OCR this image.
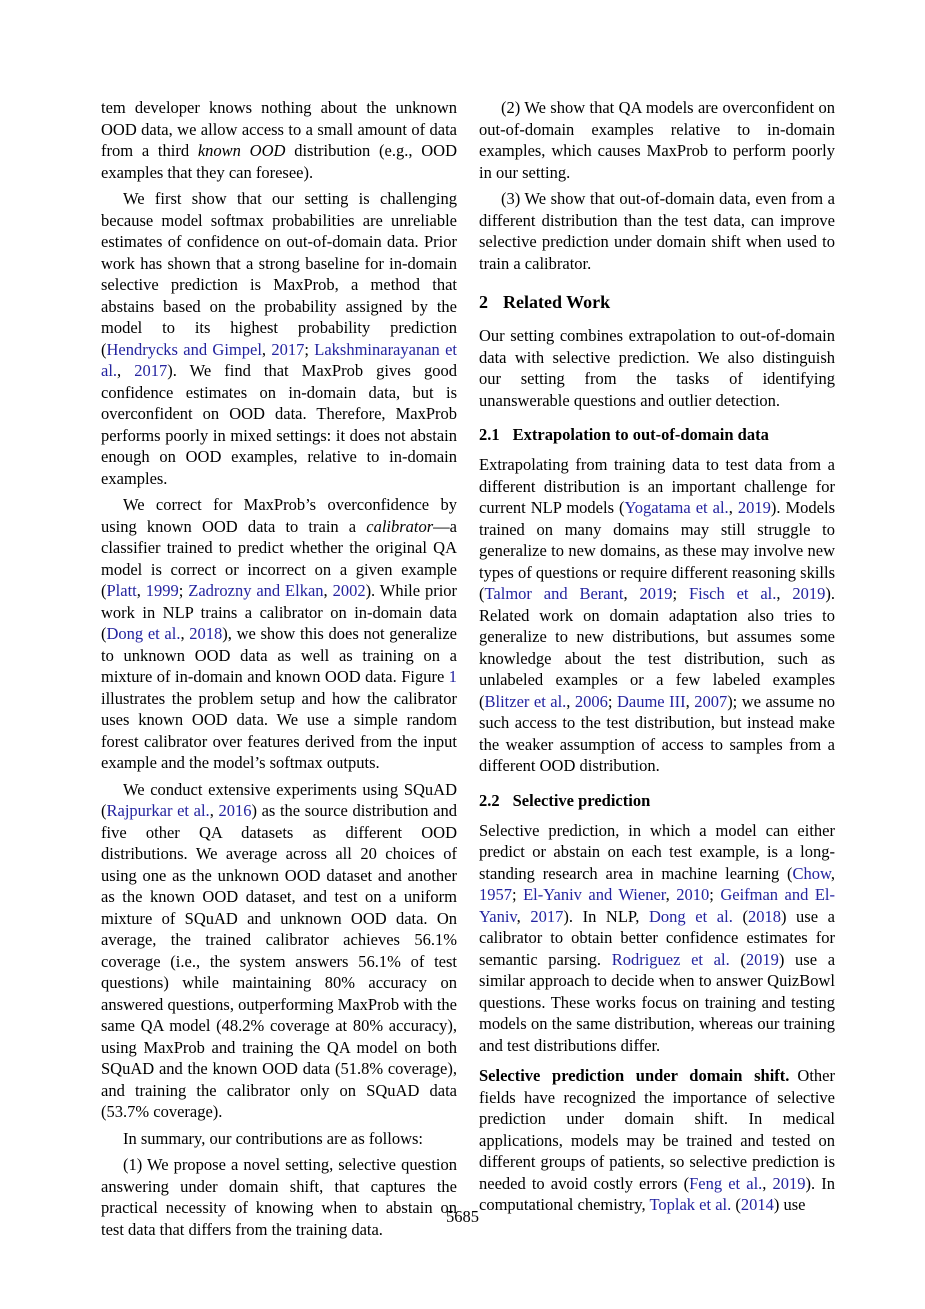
tem developer knows nothing about the unknown OOD data, we allow access to a small amount of data from a third known OOD distribution (e.g., OOD examples that they can foresee).

We first show that our setting is challenging because model softmax probabilities are unreliable estimates of confidence on out-of-domain data. Prior work has shown that a strong baseline for in-domain selective prediction is MaxProb, a method that abstains based on the probability assigned by the model to its highest probability prediction (Hendrycks and Gimpel, 2017; Lakshminarayanan et al., 2017). We find that MaxProb gives good confidence estimates on in-domain data, but is overconfident on OOD data. Therefore, MaxProb performs poorly in mixed settings: it does not abstain enough on OOD examples, relative to in-domain examples.

We correct for MaxProb’s overconfidence by using known OOD data to train a calibrator—a classifier trained to predict whether the original QA model is correct or incorrect on a given example (Platt, 1999; Zadrozny and Elkan, 2002). While prior work in NLP trains a calibrator on in-domain data (Dong et al., 2018), we show this does not generalize to unknown OOD data as well as training on a mixture of in-domain and known OOD data. Figure 1 illustrates the problem setup and how the calibrator uses known OOD data. We use a simple random forest calibrator over features derived from the input example and the model’s softmax outputs.

We conduct extensive experiments using SQuAD (Rajpurkar et al., 2016) as the source distribution and five other QA datasets as different OOD distributions. We average across all 20 choices of using one as the unknown OOD dataset and another as the known OOD dataset, and test on a uniform mixture of SQuAD and unknown OOD data. On average, the trained calibrator achieves 56.1% coverage (i.e., the system answers 56.1% of test questions) while maintaining 80% accuracy on answered questions, outperforming MaxProb with the same QA model (48.2% coverage at 80% accuracy), using MaxProb and training the QA model on both SQuAD and the known OOD data (51.8% coverage), and training the calibrator only on SQuAD data (53.7% coverage).

In summary, our contributions are as follows:

(1) We propose a novel setting, selective question answering under domain shift, that captures the practical necessity of knowing when to abstain on test data that differs from the training data.

(2) We show that QA models are overconfident on out-of-domain examples relative to in-domain examples, which causes MaxProb to perform poorly in our setting.

(3) We show that out-of-domain data, even from a different distribution than the test data, can improve selective prediction under domain shift when used to train a calibrator.

2 Related Work

Our setting combines extrapolation to out-of-domain data with selective prediction. We also distinguish our setting from the tasks of identifying unanswerable questions and outlier detection.

2.1 Extrapolation to out-of-domain data

Extrapolating from training data to test data from a different distribution is an important challenge for current NLP models (Yogatama et al., 2019). Models trained on many domains may still struggle to generalize to new domains, as these may involve new types of questions or require different reasoning skills (Talmor and Berant, 2019; Fisch et al., 2019). Related work on domain adaptation also tries to generalize to new distributions, but assumes some knowledge about the test distribution, such as unlabeled examples or a few labeled examples (Blitzer et al., 2006; Daume III, 2007); we assume no such access to the test distribution, but instead make the weaker assumption of access to samples from a different OOD distribution.

2.2 Selective prediction

Selective prediction, in which a model can either predict or abstain on each test example, is a long-standing research area in machine learning (Chow, 1957; El-Yaniv and Wiener, 2010; Geifman and El-Yaniv, 2017). In NLP, Dong et al. (2018) use a calibrator to obtain better confidence estimates for semantic parsing. Rodriguez et al. (2019) use a similar approach to decide when to answer QuizBowl questions. These works focus on training and testing models on the same distribution, whereas our training and test distributions differ.

Selective prediction under domain shift. Other fields have recognized the importance of selective prediction under domain shift. In medical applications, models may be trained and tested on different groups of patients, so selective prediction is needed to avoid costly errors (Feng et al., 2019). In computational chemistry, Toplak et al. (2014) use

5685
